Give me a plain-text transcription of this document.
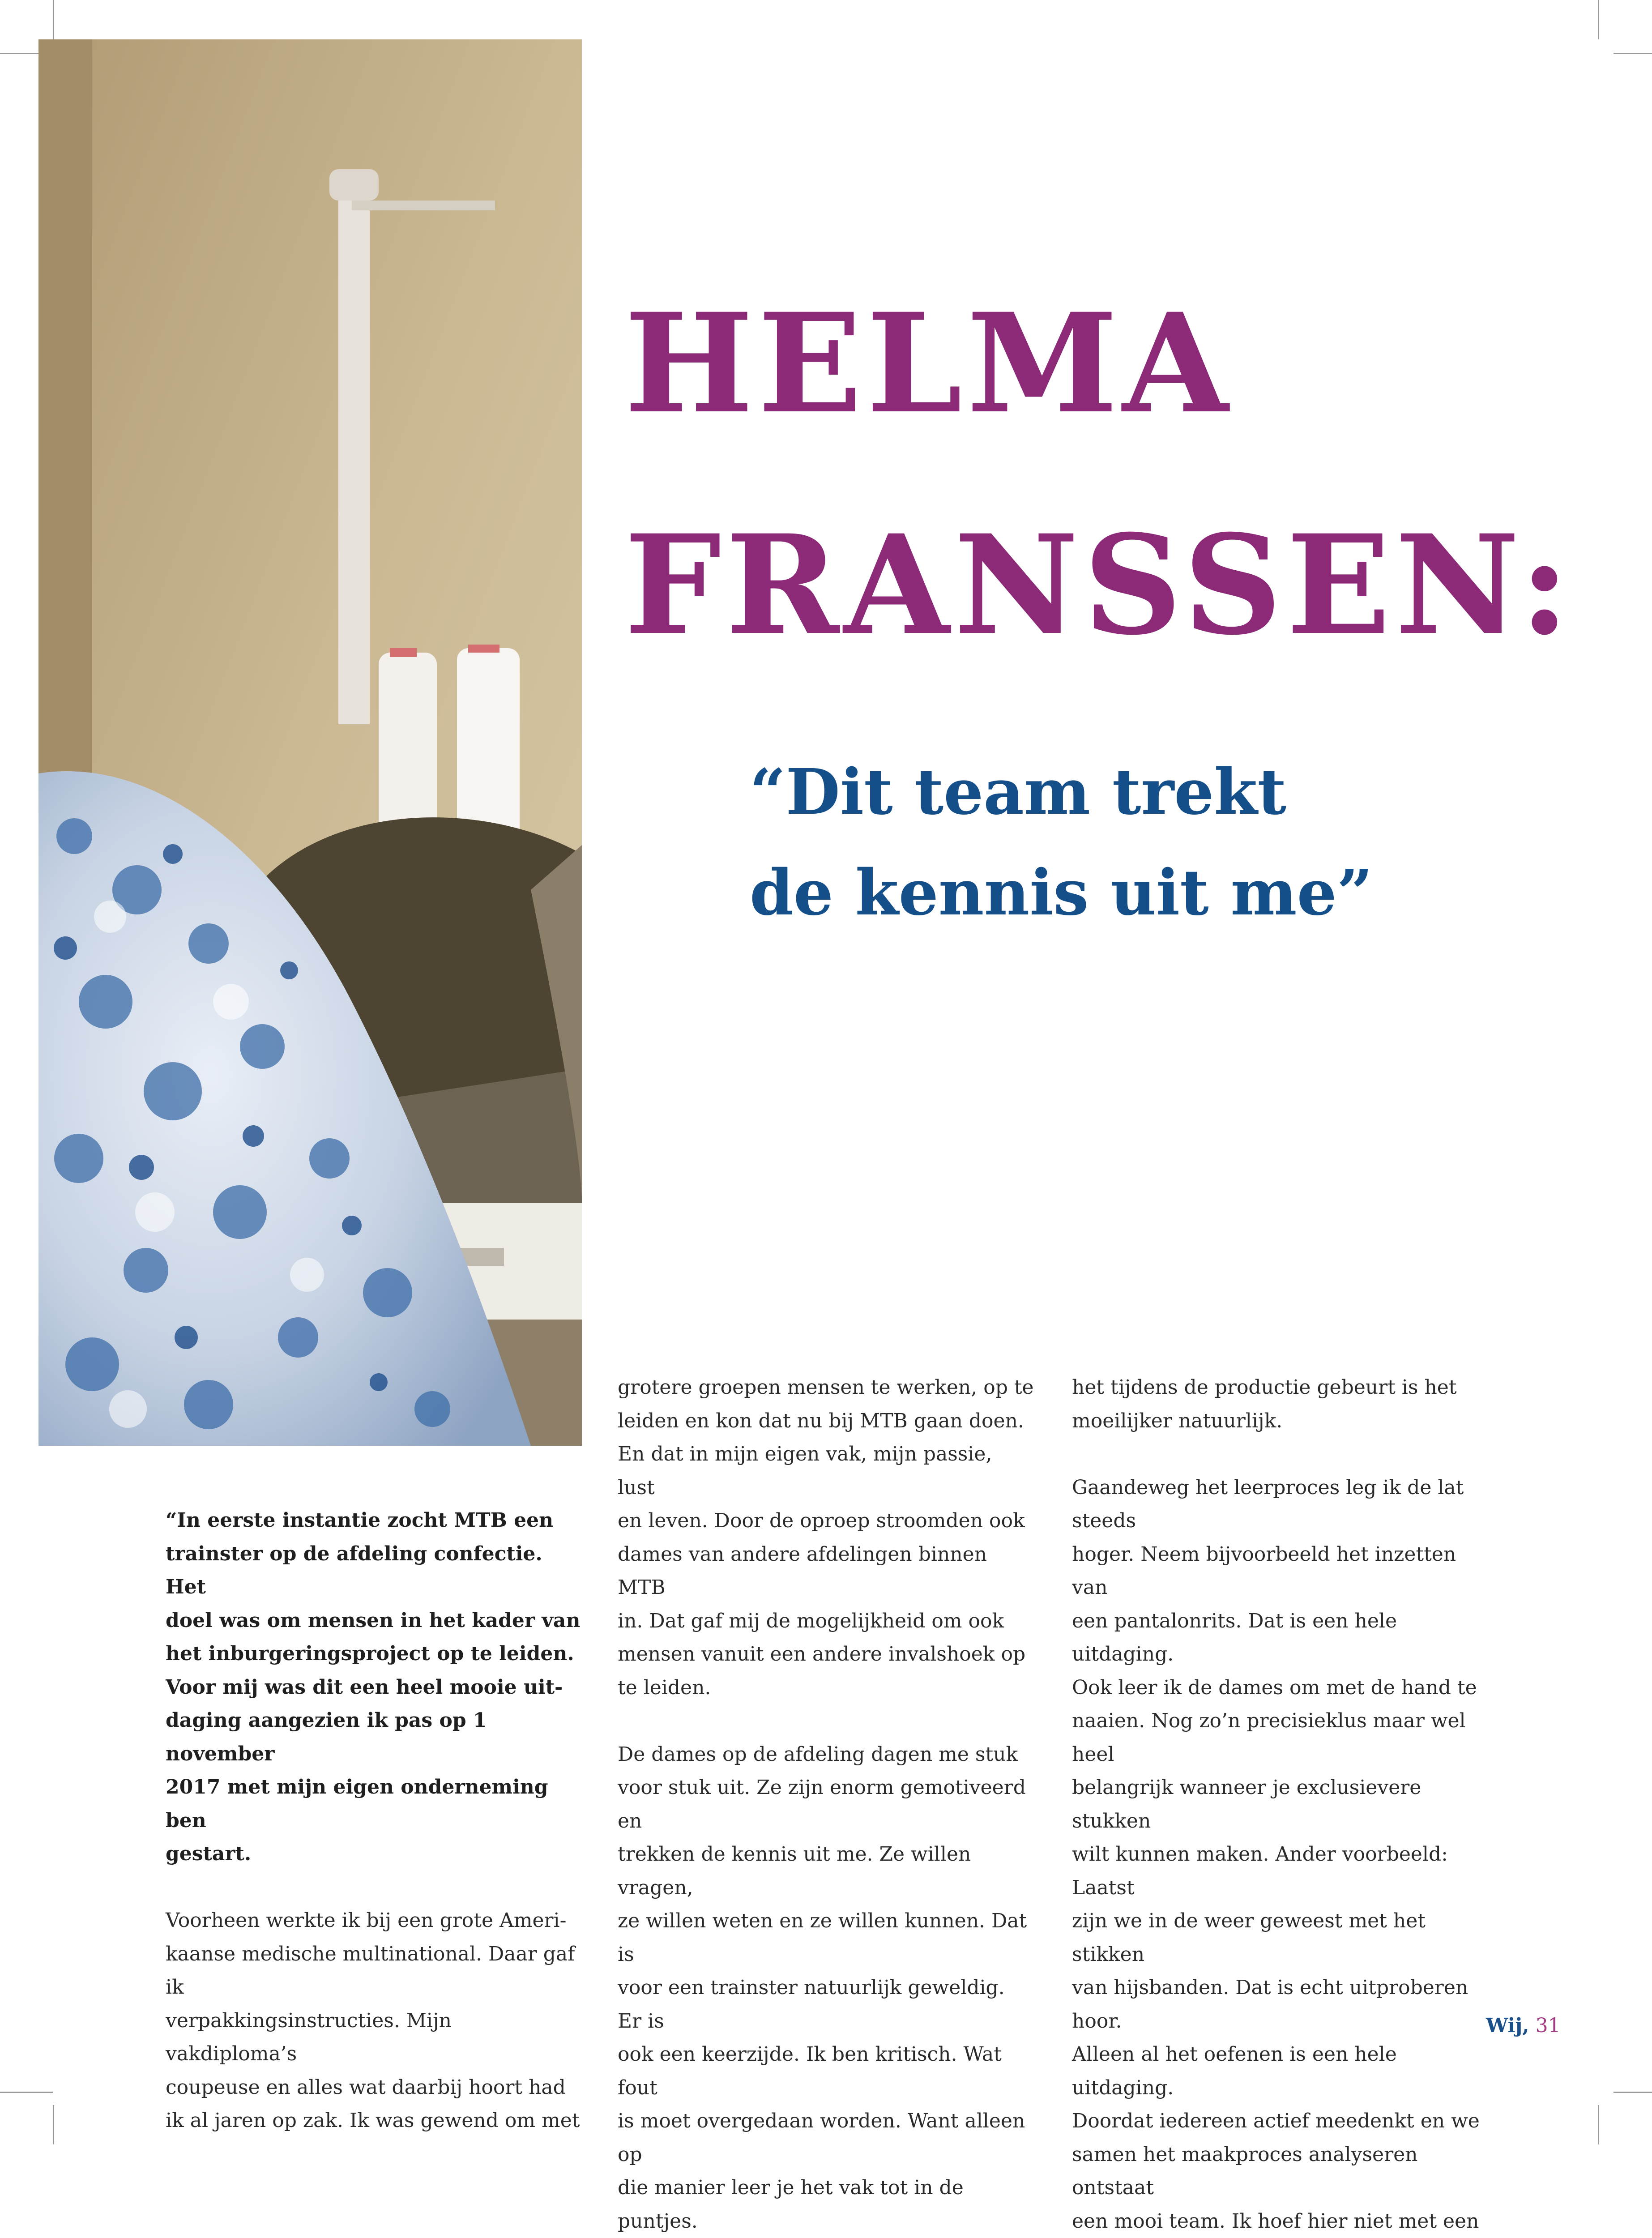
HELMA
FRANSSEN:
“Dit team trekt
de kennis uit me”

“In eerste instantie zocht MTB een

trainster op de afdeling confectie. Het

doel was om mensen in het kader van

het inburgeringsproject op te leiden.

Voor mij was dit een heel mooie uit-

daging aangezien ik pas op 1 november

2017 met mijn eigen onderneming ben

gestart.

Voorheen werkte ik bij een grote Ameri-

kaanse medische multinational. Daar gaf ik

verpakkingsinstructies. Mijn vakdiploma’s

coupeuse en alles wat daarbij hoort had

ik al jaren op zak. Ik was gewend om met

grotere groepen mensen te werken, op te

leiden en kon dat nu bij MTB gaan doen.

En dat in mijn eigen vak, mijn passie, lust

en leven. Door de oproep stroomden ook

dames van andere afdelingen binnen MTB

in. Dat gaf mij de mogelijkheid om ook

mensen vanuit een andere invalshoek op

te leiden.

De dames op de afdeling dagen me stuk

voor stuk uit. Ze zijn enorm gemotiveerd en

trekken de kennis uit me. Ze willen vragen,

ze willen weten en ze willen kunnen. Dat is

voor een trainster natuurlijk geweldig. Er is

ook een keerzijde. Ik ben kritisch. Wat fout

is moet overgedaan worden. Want alleen op

die manier leer je het vak tot in de puntjes.

het tijdens de productie gebeurt is het

moeilijker natuurlijk.

Gaandeweg het leerproces leg ik de lat steeds

hoger. Neem bijvoorbeeld het inzetten van

een pantalonrits. Dat is een hele uitdaging.

Ook leer ik de dames om met de hand te

naaien. Nog zo’n precisieklus maar wel heel

belangrijk wanneer je exclusievere stukken

wilt kunnen maken. Ander voorbeeld: Laatst

zijn we in de weer geweest met het stikken

van hijsbanden. Dat is echt uitproberen hoor.

Alleen al het oefenen is een hele uitdaging.

Doordat iedereen actief meedenkt en we

samen het maakproces analyseren ontstaat

een mooi team. Ik hoef hier niet met een

Wij, 31
